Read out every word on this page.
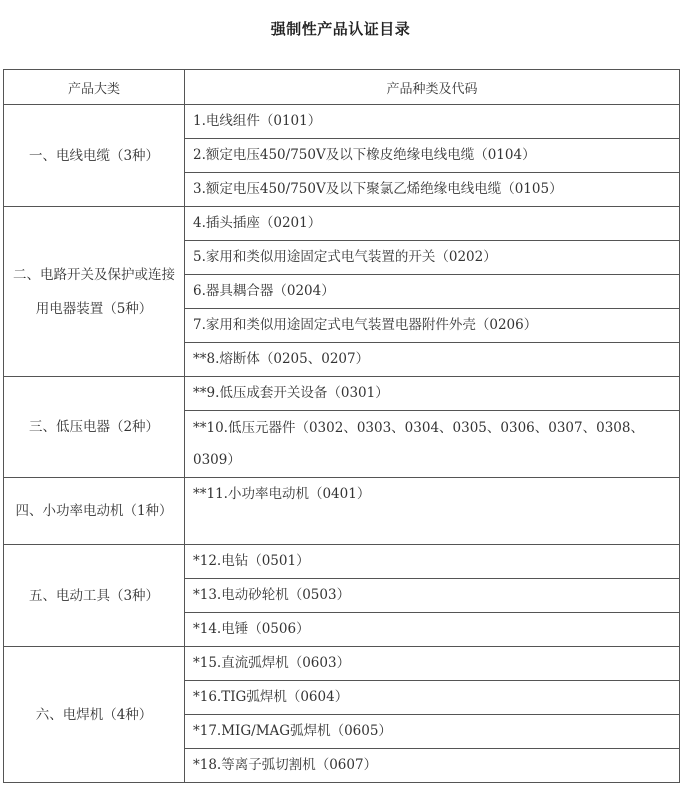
强制性产品认证目录
产品大类	产品种类及代码
一、电线电缆（3种）	1.电线组件（0101）
	2.额定电压450/750V及以下橡皮绝缘电线电缆（0104）
	3.额定电压450/750V及以下聚氯乙烯绝缘电线电缆（0105）
二、电路开关及保护或连接用电器装置（5种）	4.插头插座（0201）
	5.家用和类似用途固定式电气装置的开关（0202）
	6.器具耦合器（0204）
	7.家用和类似用途固定式电气装置电器附件外壳（0206）
	**8.熔断体（0205、0207）
三、低压电器（2种）	**9.低压成套开关设备（0301）
	**10.低压元器件（0302、0303、0304、0305、0306、0307、0308、0309）
四、小功率电动机（1种）	**11.小功率电动机（0401）
五、电动工具（3种）	*12.电钻（0501）
	*13.电动砂轮机（0503）
	*14.电锤（0506）
六、电焊机（4种）	*15.直流弧焊机（0603）
	*16.TIG弧焊机（0604）
	*17.MIG/MAG弧焊机（0605）
	*18.等离子弧切割机（0607）
